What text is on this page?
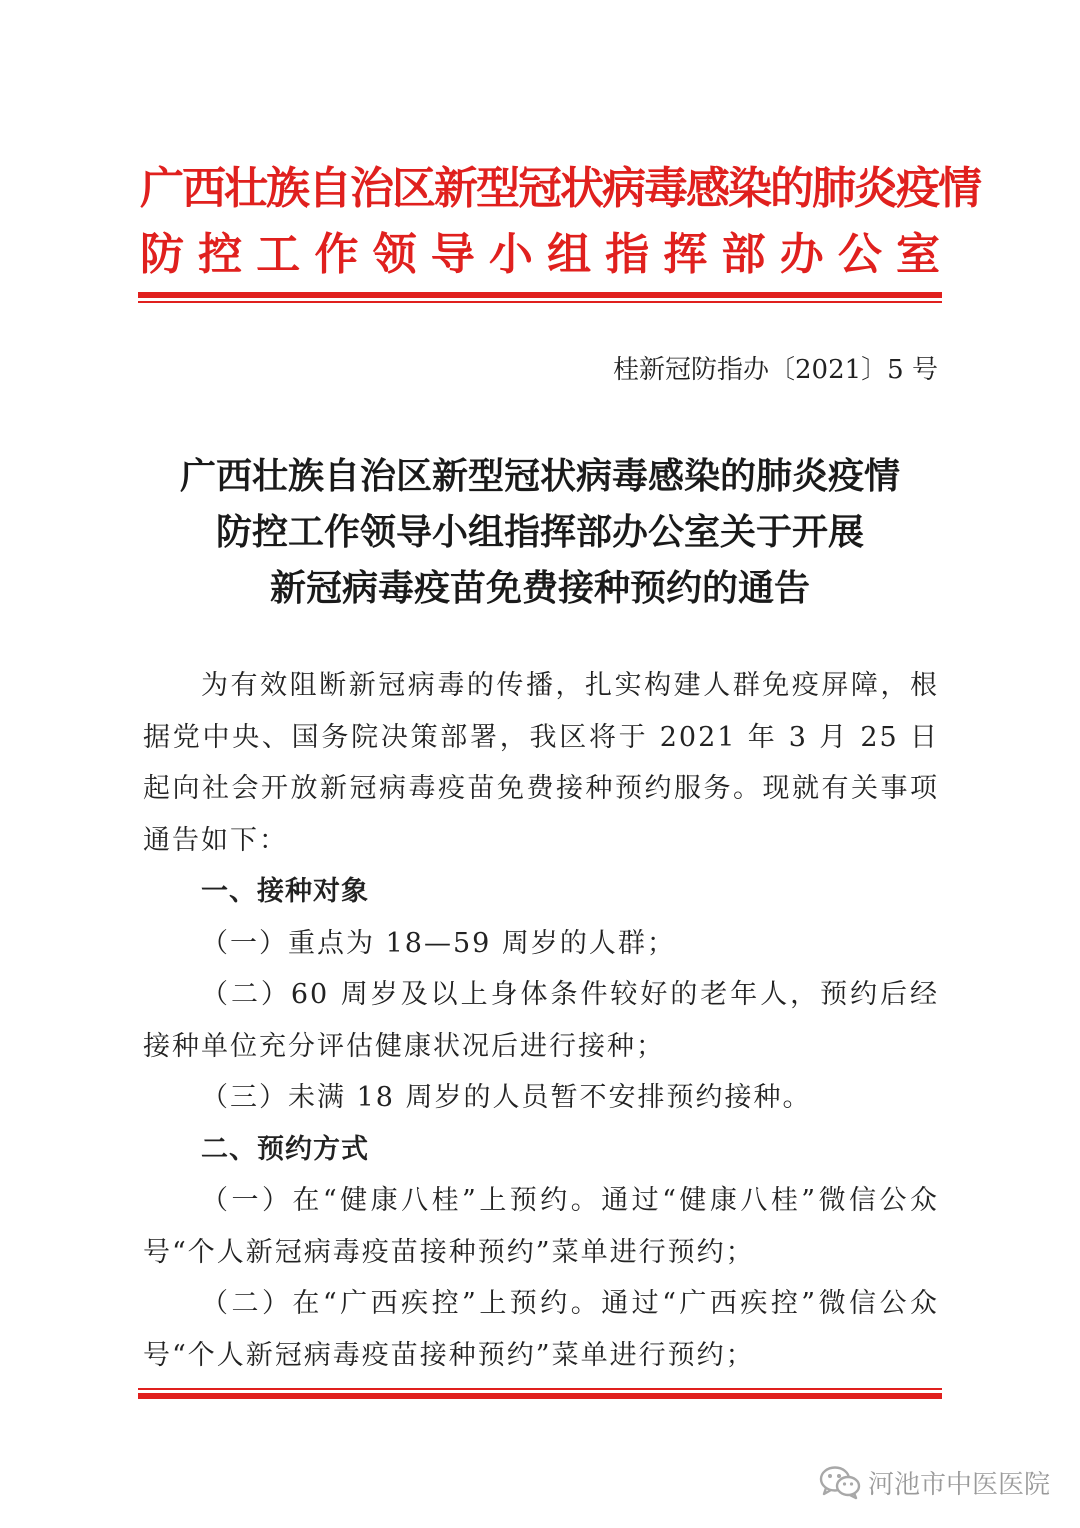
广西壮族自治区新型冠状病毒感染的肺炎疫情
防控工作领导小组指挥部办公室
桂新冠防指办〔2021〕5 号
广西壮族自治区新型冠状病毒感染的肺炎疫情
防控工作领导小组指挥部办公室关于开展
新冠病毒疫苗免费接种预约的通告

为有效阻断新冠病毒的传播，扎实构建人群免疫屏障，根据党中央、国务院决策部署，我区将于 2021 年 3 月 25 日起向社会开放新冠病毒疫苗免费接种预约服务。现就有关事项通告如下：

一、接种对象

（一）重点为 18—59 周岁的人群；

（二）60 周岁及以上身体条件较好的老年人，预约后经接种单位充分评估健康状况后进行接种；

（三）未满 18 周岁的人员暂不安排预约接种。

二、预约方式

（一）在“健康八桂”上预约。通过“健康八桂”微信公众号“个人新冠病毒疫苗接种预约”菜单进行预约；

（二）在“广西疾控”上预约。通过“广西疾控”微信公众号“个人新冠病毒疫苗接种预约”菜单进行预约；

河池市中医医院
